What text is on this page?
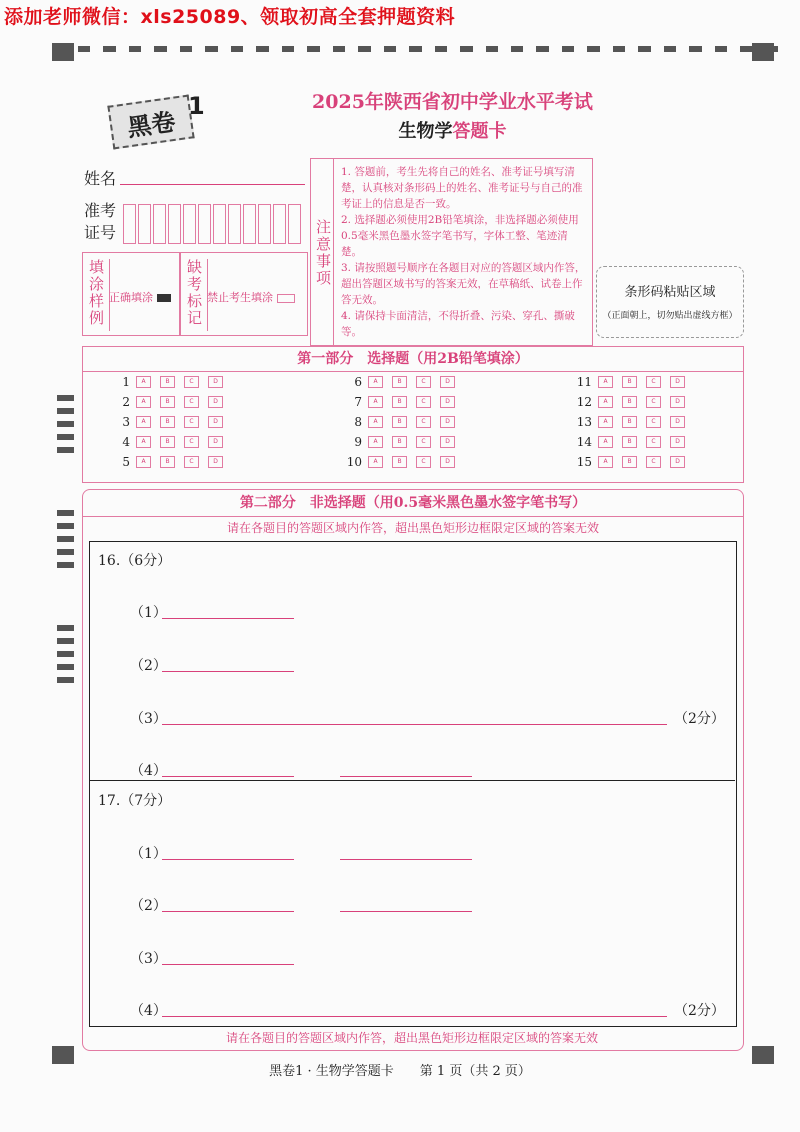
添加老师微信：xls25089、领取初高全套押题资料
黑卷
1	2025年陕西省初中学业水平考试
生物学答题卡
姓名
准考
证号
填涂样例 正确填涂	缺考标记 禁止考生填涂
注意事项
1. 答题前，考生先将自己的姓名、准考证号填写清楚，认真核对条形码上的姓名、准考证号与自己的准考证上的信息是否一致。
2. 选择题必须使用2B铅笔填涂，非选择题必须使用0.5毫米黑色墨水签字笔书写，字体工整、笔迹清楚。
3. 请按照题号顺序在各题目对应的答题区域内作答，超出答题区域书写的答案无效，在草稿纸、试卷上作答无效。
4. 请保持卡面清洁，不得折叠、污染、穿孔、撕破等。
条形码粘贴区域
（正面朝上，切勿贴出虚线方框）
第一部分　选择题（用2B铅笔填涂）
1	A	B	C	D
2	A	B	C	D
3	A	B	C	D
4	A	B	C	D
5	A	B	C	D
6	A	B	C	D
7	A	B	C	D
8	A	B	C	D
9	A	B	C	D
10	A	B	C	D
11	A	B	C	D
12	A	B	C	D
13	A	B	C	D
14	A	B	C	D
15	A	B	C	D
第二部分　非选择题（用0.5毫米黑色墨水签字笔书写）
请在各题目的答题区域内作答，超出黑色矩形边框限定区域的答案无效
16.（6分）
（1）
（2）
（3）	（2分）
（4）
17.（7分）
（1）
（2）
（3）
（4）	（2分）
请在各题目的答题区域内作答，超出黑色矩形边框限定区域的答案无效
黑卷1 · 生物学答题卡　　第 1 页（共 2 页）
